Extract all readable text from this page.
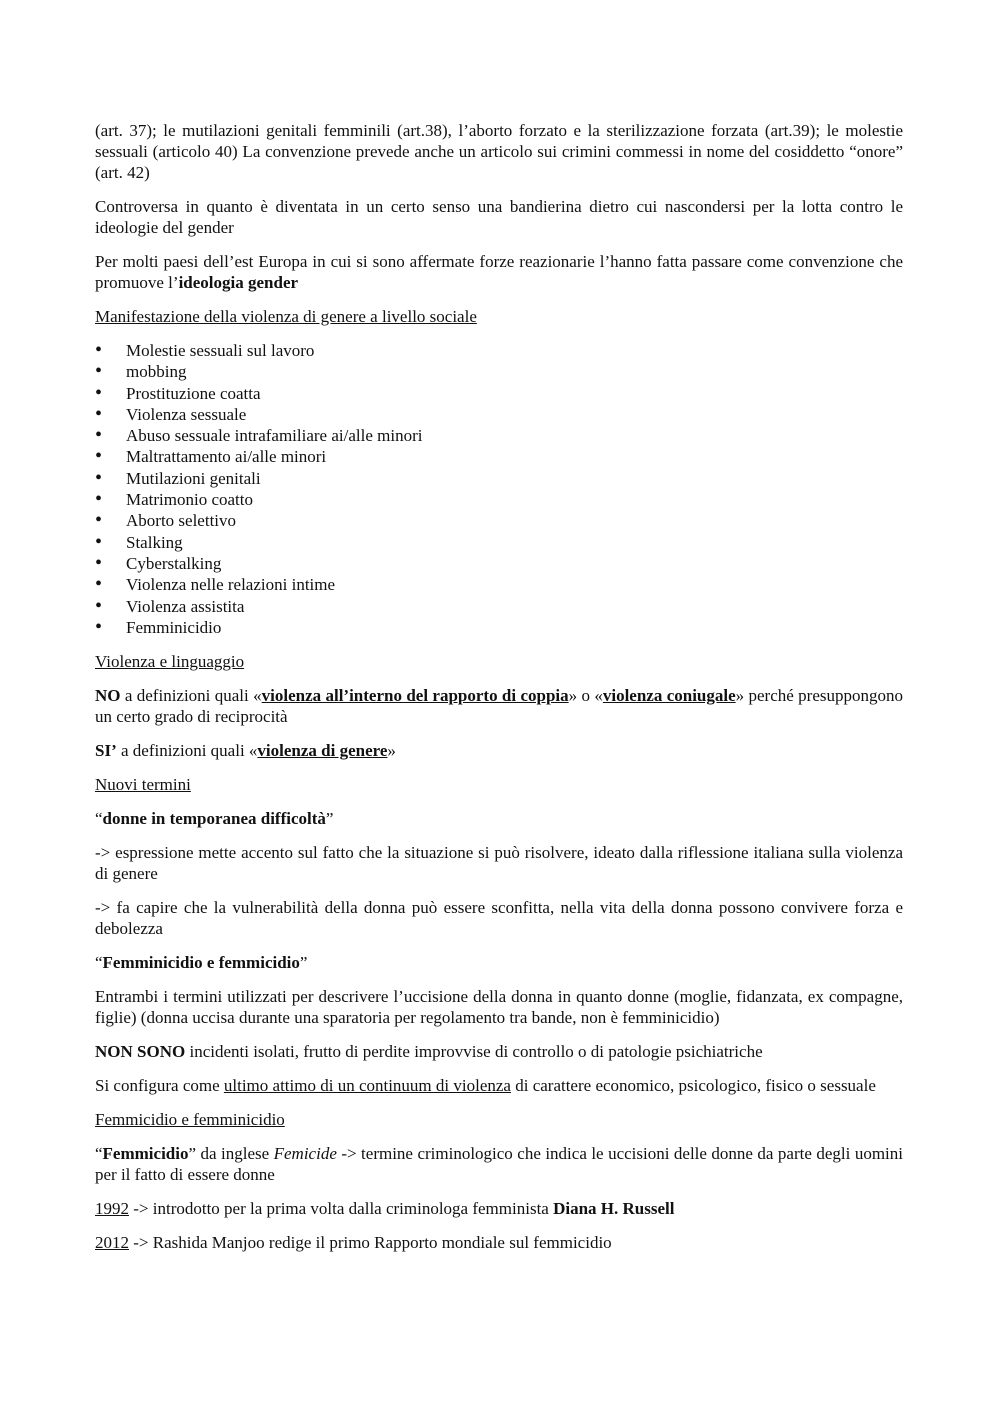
(art. 37); le mutilazioni genitali femminili (art.38), l’aborto forzato e la sterilizzazione forzata (art.39); le molestie sessuali (articolo 40) La convenzione prevede anche un articolo sui crimini commessi in nome del cosiddetto “onore” (art. 42)

Controversa in quanto è diventata in un certo senso una bandierina dietro cui nascondersi per la lotta contro le ideologie del gender

Per molti paesi dell’est Europa in cui si sono affermate forze reazionarie l’hanno fatta passare come convenzione che promuove l’ideologia gender

Manifestazione della violenza di genere a livello sociale

• Molestie sessuali sul lavoro
• mobbing
• Prostituzione coatta
• Violenza sessuale
• Abuso sessuale intrafamiliare ai/alle minori
• Maltrattamento ai/alle minori
• Mutilazioni genitali
• Matrimonio coatto
• Aborto selettivo
• Stalking
• Cyberstalking
• Violenza nelle relazioni intime
• Violenza assistita
• Femminicidio

Violenza e linguaggio

NO a definizioni quali «violenza all’interno del rapporto di coppia» o «violenza coniugale» perché presuppongono un certo grado di reciprocità

SI’ a definizioni quali «violenza di genere»

Nuovi termini

“donne in temporanea difficoltà”

-> espressione mette accento sul fatto che la situazione si può risolvere, ideato dalla riflessione italiana sulla violenza di genere

-> fa capire che la vulnerabilità della donna può essere sconfitta, nella vita della donna possono convivere forza e debolezza

“Femminicidio e femmicidio”

Entrambi i termini utilizzati per descrivere l’uccisione della donna in quanto donne (moglie, fidanzata, ex compagne, figlie) (donna uccisa durante una sparatoria per regolamento tra bande, non è femminicidio)

NON SONO incidenti isolati, frutto di perdite improvvise di controllo o di patologie psichiatriche

Si configura come ultimo attimo di un continuum di violenza di carattere economico, psicologico, fisico o sessuale

Femmicidio e femminicidio

“Femmicidio” da inglese Femicide -> termine criminologico che indica le uccisioni delle donne da parte degli uomini per il fatto di essere donne

1992 -> introdotto per la prima volta dalla criminologa femminista Diana H. Russell

2012 -> Rashida Manjoo redige il primo Rapporto mondiale sul femmicidio
